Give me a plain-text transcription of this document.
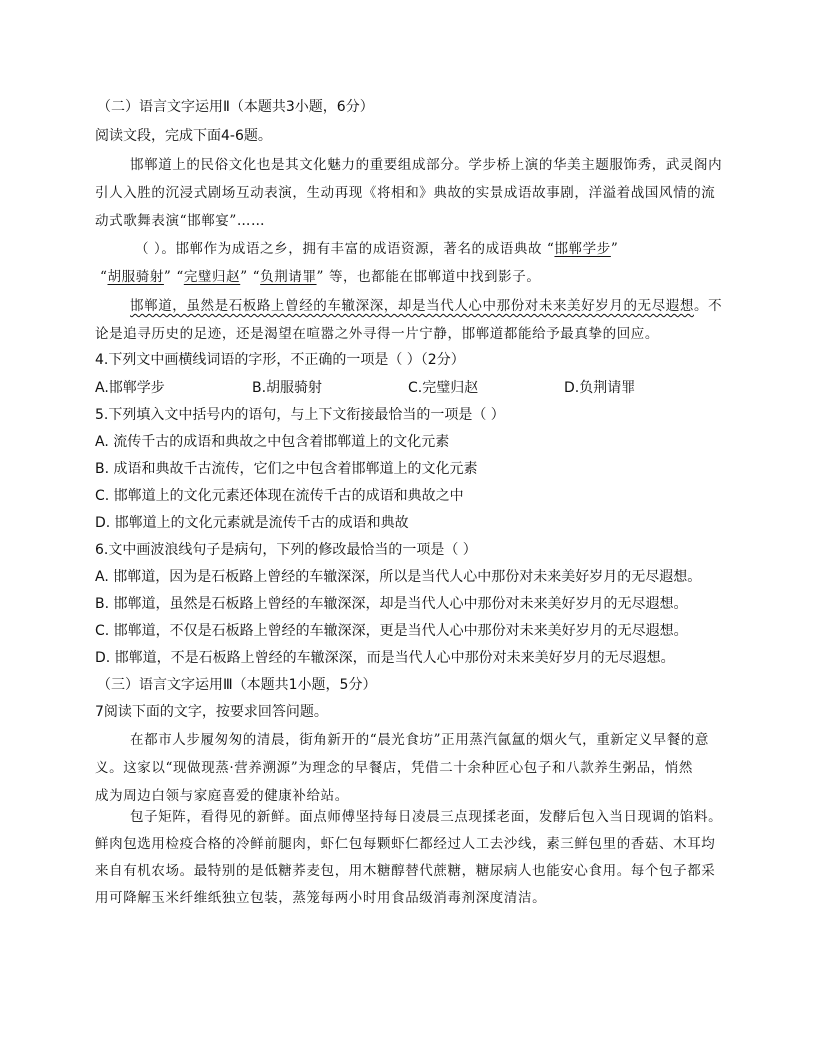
（二）语言文字运用Ⅱ（本题共3小题，6分）
阅读文段，完成下面4-6题。
邯郸道上的民俗文化也是其文化魅力的重要组成部分。学步桥上演的华美主题服饰秀，武灵阁内
引人入胜的沉浸式剧场互动表演，生动再现《将相和》典故的实景成语故事剧，洋溢着战国风情的流
动式歌舞表演“邯郸宴”……
（ ）。邯郸作为成语之乡，拥有丰富的成语资源，著名的成语典故 “邯郸学步”
“胡服骑射” “完璧归赵” “负荆请罪” 等，也都能在邯郸道中找到影子。
邯郸道，虽然是石板路上曾经的车辙深深，却是当代人心中那份对未来美好岁月的无尽遐想。不
论是追寻历史的足迹，还是渴望在喧嚣之外寻得一片宁静，邯郸道都能给予最真挚的回应。
4.下列文中画横线词语的字形，不正确的一项是（ ）（2分）
A.邯郸学步	B.胡服骑射	C.完璧归赵	D.负荆请罪
5.下列填入文中括号内的语句，与上下文衔接最恰当的一项是（ ）
A. 流传千古的成语和典故之中包含着邯郸道上的文化元素
B. 成语和典故千古流传，它们之中包含着邯郸道上的文化元素
C. 邯郸道上的文化元素还体现在流传千古的成语和典故之中
D. 邯郸道上的文化元素就是流传千古的成语和典故
6.文中画波浪线句子是病句，下列的修改最恰当的一项是（ ）
A. 邯郸道，因为是石板路上曾经的车辙深深，所以是当代人心中那份对未来美好岁月的无尽遐想。
B. 邯郸道，虽然是石板路上曾经的车辙深深，却是当代人心中那份对未来美好岁月的无尽遐想。
C. 邯郸道，不仅是石板路上曾经的车辙深深，更是当代人心中那份对未来美好岁月的无尽遐想。
D. 邯郸道，不是石板路上曾经的车辙深深，而是当代人心中那份对未来美好岁月的无尽遐想。
（三）语言文字运用Ⅲ（本题共1小题，5分）
7阅读下面的文字，按要求回答问题。
在都市人步履匆匆的清晨，街角新开的“晨光食坊”正用蒸汽氤氲的烟火气，重新定义早餐的意
义。这家以“现做现蒸·营养溯源”为理念的早餐店，凭借二十余种匠心包子和八款养生粥品，悄然
成为周边白领与家庭喜爱的健康补给站。
包子矩阵，看得见的新鲜。面点师傅坚持每日凌晨三点现揉老面，发酵后包入当日现调的馅料。
鲜肉包选用检疫合格的冷鲜前腿肉，虾仁包每颗虾仁都经过人工去沙线，素三鲜包里的香菇、木耳均
来自有机农场。最特别的是低糖荞麦包，用木糖醇替代蔗糖，糖尿病人也能安心食用。每个包子都采
用可降解玉米纤维纸独立包装，蒸笼每两小时用食品级消毒剂深度清洁。
